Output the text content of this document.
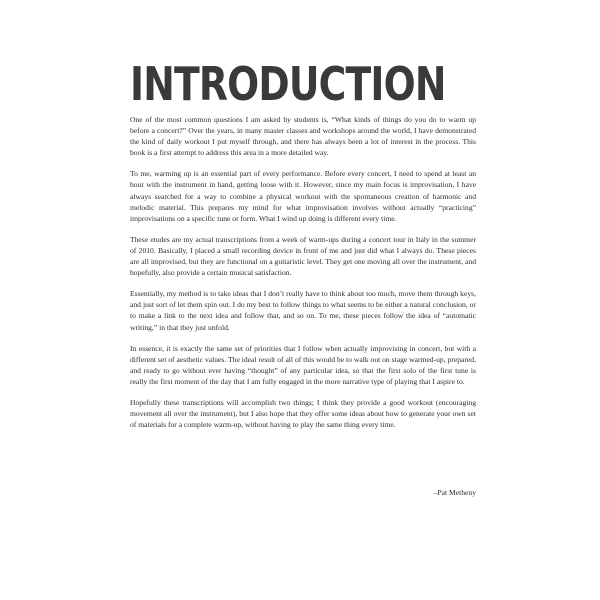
INTRODUCTION

One of the most common questions I am asked by students is, “What kinds of things do you do to warm up before a concert?” Over the years, in many master classes and workshops around the world, I have demonstrated the kind of daily workout I put myself through, and there has always been a lot of interest in the process. This book is a first attempt to address this area in a more detailed way.

To me, warming up is an essential part of every performance. Before every concert, I need to spend at least an hour with the instrument in hand, getting loose with it. However, since my main focus is improvisation, I have always searched for a way to combine a physical workout with the spontaneous creation of harmonic and melodic material. This prepares my mind for what improvisation involves without actually “practicing” improvisations on a specific tune or form. What I wind up doing is different every time.

These etudes are my actual transcriptions from a week of warm-ups during a concert tour in Italy in the summer of 2010. Basically, I placed a small recording device in front of me and just did what I always do. These pieces are all improvised, but they are functional on a guitaristic level. They get one moving all over the instrument, and hopefully, also provide a certain musical satisfaction.

Essentially, my method is to take ideas that I don’t really have to think about too much, move them through keys, and just sort of let them spin out. I do my best to follow things to what seems to be either a natural conclusion, or to make a link to the next idea and follow that, and so on. To me, these pieces follow the idea of “automatic writing,” in that they just unfold.

In essence, it is exactly the same set of priorities that I follow when actually improvising in concert, but with a different set of aesthetic values. The ideal result of all of this would be to walk out on stage warmed-up, prepared, and ready to go without ever having “thought” of any particular idea, so that the first solo of the first tune is really the first moment of the day that I am fully engaged in the more narrative type of playing that I aspire to.

Hopefully these transcriptions will accomplish two things; I think they provide a good workout (encouraging movement all over the instrument), but I also hope that they offer some ideas about how to generate your own set of materials for a complete warm-up, without having to play the same thing every time.

–Pat Metheny
